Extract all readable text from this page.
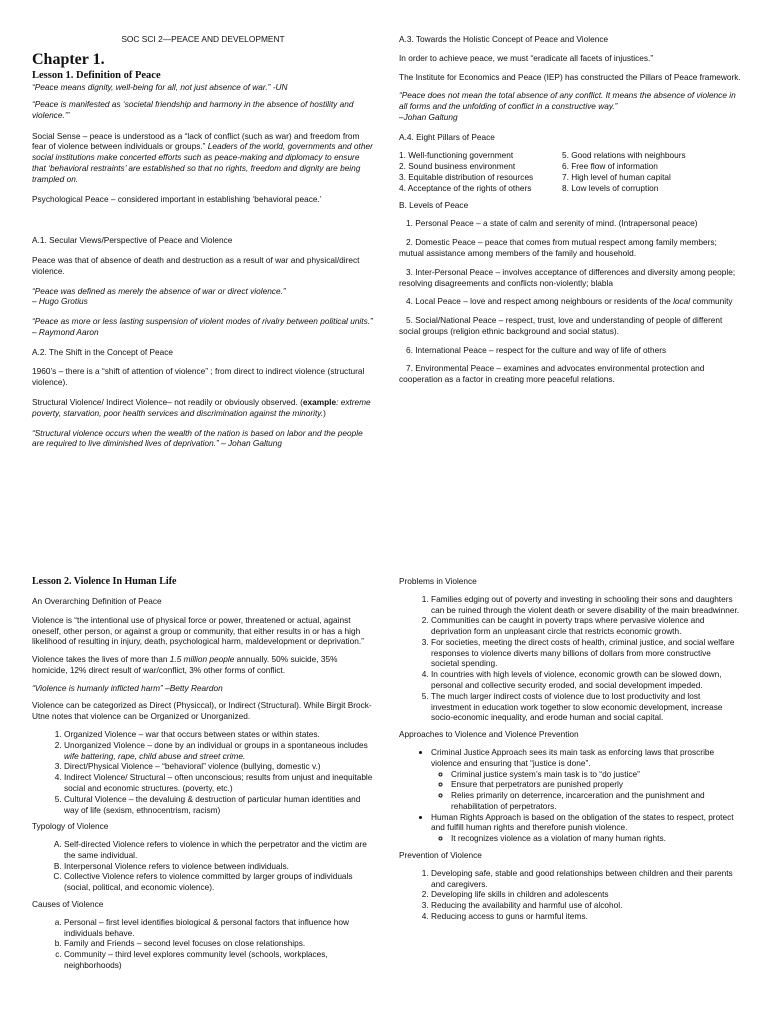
SOC SCI 2—PEACE AND DEVELOPMENT
Chapter 1.
Lesson 1. Definition of Peace

“Peace means dignity, well-being for all, not just absence of war.” -UN

“Peace is manifested as ‘societal friendship and harmony in the absence of hostility and violence.’”

Social Sense – peace is understood as a “lack of conflict (such as war) and freedom from fear of violence between individuals or groups.” Leaders of the world, governments and other social institutions make concerted efforts such as peace-making and diplomacy to ensure that ‘behavioral restraints’ are established so that no rights, freedom and dignity are being trampled on.

Psychological Peace – considered important in establishing ‘behavioral peace.’

A.1. Secular Views/Perspective of Peace and Violence

Peace was that of absence of death and destruction as a result of war and physical/direct violence.

“Peace was defined as merely the absence of war or direct violence.”
– Hugo Grotius

“Peace as more or less lasting suspension of violent modes of rivalry between political units.” – Raymond Aaron

A.2. The Shift in the Concept of Peace

1960’s – there is a “shift of attention of violence” ; from direct to indirect violence (structural violence).

Structural Violence/ Indirect Violence– not readily or obviously observed. (example: extreme poverty, starvation, poor health services and discrimination against the minority.)

“Structural violence occurs when the wealth of the nation is based on labor and the people are required to live diminished lives of deprivation.” – Johan Galtung

A.3. Towards the Holistic Concept of Peace and Violence

In order to achieve peace, we must “eradicate all facets of injustices.”

The Institute for Economics and Peace (IEP) has constructed the Pillars of Peace framework.

“Peace does not mean the total absence of any conflict. It means the absence of violence in all forms and the unfolding of conflict in a constructive way.”
–Johan Galtung

A.4. Eight Pillars of Peace

1. Well-functioning government	5. Good relations with neighbours
2. Sound business environment	6. Free flow of information
3. Equitable distribution of resources	7. High level of human capital
4. Acceptance of the rights of others	8. Low levels of corruption

B. Levels of Peace

1. Personal Peace – a state of calm and serenity of mind. (Intrapersonal peace)

2. Domestic Peace – peace that comes from mutual respect among family members; mutual assistance among members of the family and household.

3. Inter-Personal Peace – involves acceptance of differences and diversity among people; resolving disagreements and conflicts non-violently; blabla

4. Local Peace – love and respect among neighbours or residents of the local community

5. Social/National Peace – respect, trust, love and understanding of people of different social groups (religion ethnic background and social status).

6. International Peace – respect for the culture and way of life of others

7. Environmental Peace – examines and advocates environmental protection and cooperation as a factor in creating more peaceful relations.

Lesson 2. Violence In Human Life

An Overarching Definition of Peace

Violence is “the intentional use of physical force or power, threatened or actual, against oneself, other person, or against a group or community, that either results in or has a high likelihood of resulting in injury, death, psychological harm, maldevelopment or deprivation.”

Violence takes the lives of more than 1.5 million people annually. 50% suicide, 35% homicide, 12% direct result of war/conflict, 3% other forms of conflict.

“Violence is humanly inflicted harm” –Betty Reardon

Violence can be categorized as Direct (Physiccal), or Indirect (Structural). While Birgit Brock-Utne notes that violence can be Organized or Unorganized.

1. Organized Violence – war that occurs between states or within states.
2. Unorganized Violence – done by an individual or groups in a spontaneous includes wife battering, rape, child abuse and street crime.
3. Direct/Physical Violence – “behavioral” violence (bullying, domestic v.)
4. Indirect Violence/ Structural – often unconscious; results from unjust and inequitable social and economic structures. (poverty, etc.)
5. Cultural Violence – the devaluing & destruction of particular human identities and way of life (sexism, ethnocentrism, racism)

Typology of Violence

A. Self-directed Violence refers to violence in which the perpetrator and the victim are the same individual.
B. Interpersonal Violence refers to violence between individuals.
C. Collective Violence refers to violence committed by larger groups of individuals (social, political, and economic violence).

Causes of Violence

a. Personal – first level identifies biological & personal factors that influence how individuals behave.
b. Family and Friends – second level focuses on close relationships.
c. Community – third level explores community level (schools, workplaces, neighborhoods)

Problems in Violence

1. Families edging out of poverty and investing in schooling their sons and daughters can be ruined through the violent death or severe disability of the main breadwinner.
2. Communities can be caught in poverty traps where pervasive violence and deprivation form an unpleasant circle that restricts economic growth.
3. For societies, meeting the direct costs of health, criminal justice, and social welfare responses to violence diverts many billions of dollars from more constructive societal spending.
4. In countries with high levels of violence, economic growth can be slowed down, personal and collective security eroded, and social development impeded.
5. The much larger indirect costs of violence due to lost productivity and lost investment in education work together to slow economic development, increase socio-economic inequality, and erode human and social capital.

Approaches to Violence and Violence Prevention

• Criminal Justice Approach sees its main task as enforcing laws that proscribe violence and ensuring that “justice is done”.
◦ Criminal justice system’s main task is to “do justice”
◦ Ensure that perpetrators are punished properly
◦ Relies primarily on deterrence, incarceration and the punishment and rehabilitation of perpetrators.
• Human Rights Approach is based on the obligation of the states to respect, protect and fulfill human rights and therefore punish violence.
◦ It recognizes violence as a violation of many human rights.

Prevention of Violence

1. Developing safe, stable and good relationships between children and their parents and caregivers.
2. Developing life skills in children and adolescents
3. Reducing the availability and harmful use of alcohol.
4. Reducing access to guns or harmful items.
